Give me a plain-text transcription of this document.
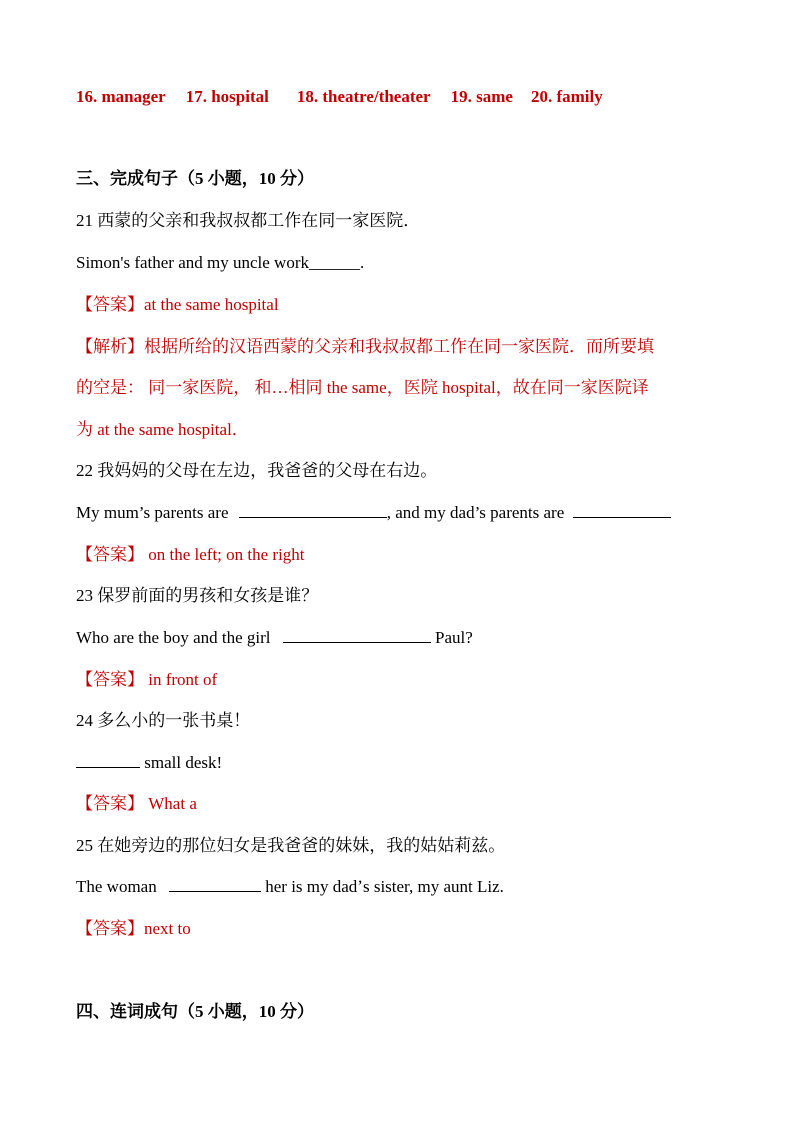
16. manager 17. hospital 18. theatre/theater 19. same 20. family
三、完成句子（5 小题，10 分）
21 西蒙的父亲和我叔叔都工作在同一家医院．
Simon's father and my uncle work______.
【答案】at the same hospital
【解析】根据所给的汉语西蒙的父亲和我叔叔都工作在同一家医院．而所要填
的空是： 同一家医院， 和…相同 the same，医院 hospital，故在同一家医院译
为 at the same hospital．
22 我妈妈的父母在左边，我爸爸的父母在右边。
My mum’s parents are	, and my dad’s parents are
【答案】 on the left; on the right
23 保罗前面的男孩和女孩是谁？
Who are the boy and the girl	Paul?
【答案】 in front of
24 多么小的一张书桌！
small desk!
【答案】 What a
25 在她旁边的那位妇女是我爸爸的妹妹，我的姑姑莉兹。
The woman	her is my dadʼs sister, my aunt Liz.
【答案】next to
四、连词成句（5 小题，10 分）
